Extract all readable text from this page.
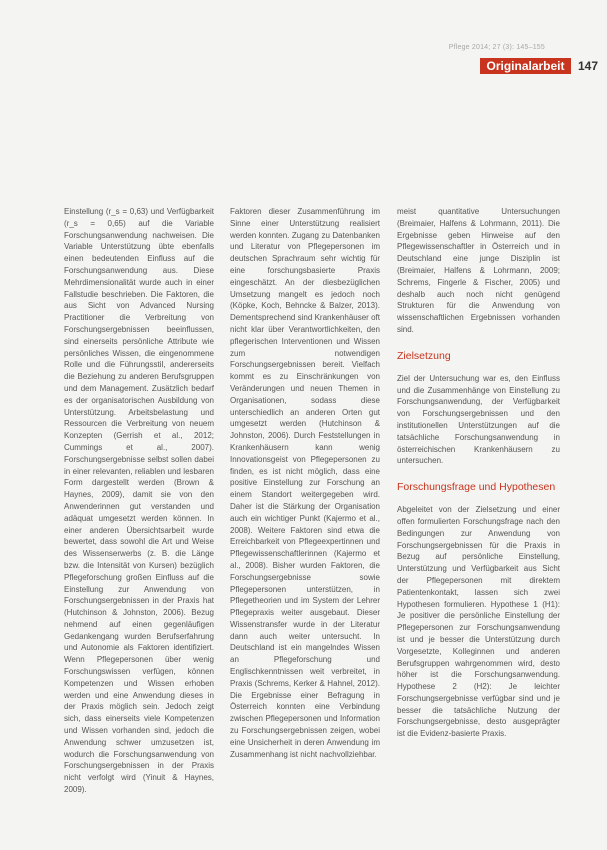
Pflege 2014; 27 (3): 145–155
Originalarbeit	147

Einstellung (r_s = 0,63) und Verfügbarkeit (r_s = 0,65) auf die Variable Forschungsanwendung nachweisen. Die Variable Unterstützung übte ebenfalls einen bedeutenden Einfluss auf die Forschungsanwendung aus. Diese Mehrdimensionalität wurde auch in einer Fallstudie beschrieben. Die Faktoren, die aus Sicht von Advanced Nursing Practitioner die Verbreitung von Forschungsergebnissen beeinflussen, sind einerseits persönliche Attribute wie persönliches Wissen, die eingenommene Rolle und die Führungsstil, andererseits die Beziehung zu anderen Berufsgruppen und dem Management. Zusätzlich bedarf es der organisatorischen Ausbildung von Unterstützung. Arbeitsbelastung und Ressourcen die Verbreitung von neuem Konzepten (Gerrish et al., 2012; Cummings et al., 2007). Forschungsergebnisse selbst sollen dabei in einer relevanten, reliablen und lesbaren Form dargestellt werden (Brown & Haynes, 2009), damit sie von den Anwenderinnen gut verstanden und adäquat umgesetzt werden können. In einer anderen Übersichtsarbeit wurde bewertet, dass sowohl die Art und Weise des Wissenserwerbs (z. B. die Länge bzw. die Intensität von Kursen) bezüglich Pflegeforschung großen Einfluss auf die Einstellung zur Anwendung von Forschungsergebnissen in der Praxis hat (Hutchinson & Johnston, 2006). Bezug nehmend auf einen gegenläufigen Gedankengang wurden Berufserfahrung und Autonomie als Faktoren identifiziert. Wenn Pflegepersonen über wenig Forschungswissen verfügen, können Kompetenzen und Wissen erhoben werden und eine Anwendung dieses in der Praxis möglich sein. Jedoch zeigt sich, dass einerseits viele Kompetenzen und Wissen vorhanden sind, jedoch die Anwendung schwer umzusetzen ist, wodurch die Forschungsanwendung von Forschungsergebnissen in der Praxis nicht verfolgt wird (Yinuit & Haynes, 2009).

Faktoren dieser Zusammenführung im Sinne einer Unterstützung realisiert werden konnten. Zugang zu Datenbanken und Literatur von Pflegepersonen im deutschen Sprachraum sehr wichtig für eine forschungsbasierte Praxis eingeschätzt. An der diesbezüglichen Umsetzung mangelt es jedoch noch (Köpke, Koch, Behncke & Balzer, 2013). Dementsprechend sind Krankenhäuser oft nicht klar über Verantwortlichkeiten, den pflegerischen Interventionen und Wissen zum notwendigen Forschungsergebnissen bereit. Vielfach kommt es zu Einschränkungen von Veränderungen und neuen Themen in Organisationen, sodass diese unterschiedlich an anderen Orten gut umgesetzt werden (Hutchinson & Johnston, 2006). Durch Feststellungen in Krankenhäusern kann wenig Innovationsgeist von Pflegepersonen zu finden, es ist nicht möglich, dass eine positive Einstellung zur Forschung an einem Standort weitergegeben wird. Daher ist die Stärkung der Organisation auch ein wichtiger Punkt (Kajermo et al., 2008). Weitere Faktoren sind etwa die Erreichbarkeit von Pflegeexpertinnen und Pflegewissenschaftlerinnen (Kajermo et al., 2008). Bisher wurden Faktoren, die Forschungsergebnisse sowie Pflegepersonen unterstützen, in Pflegetheorien und im System der Lehrer Pflegepraxis weiter ausgebaut. Dieser Wissenstransfer wurde in der Literatur dann auch weiter untersucht. In Deutschland ist ein mangelndes Wissen an Pflegeforschung und Englischkenntnissen weit verbreitet, in Praxis (Schrems, Kerker & Hahnel, 2012). Die Ergebnisse einer Befragung in Österreich konnten eine Verbindung zwischen Pflegepersonen und Information zu Forschungsergebnissen zeigen, wobei eine Unsicherheit in deren Anwendung im Zusammenhang ist nicht nachvollziehbar.

meist quantitative Untersuchungen (Breimaier, Halfens & Lohrmann, 2011). Die Ergebnisse geben Hinweise auf den Pflegewissenschaftler in Österreich und in Deutschland eine junge Disziplin ist (Breimaier, Halfens & Lohrmann, 2009; Schrems, Fingerle & Fischer, 2005) und deshalb auch noch nicht genügend Strukturen für die Anwendung von wissenschaftlichen Ergebnissen vorhanden sind.

Zielsetzung

Ziel der Untersuchung war es, den Einfluss und die Zusammenhänge von Einstellung zu Forschungsanwendung, der Verfügbarkeit von Forschungsergebnissen und den institutionellen Unterstützungen auf die tatsächliche Forschungsanwendung in österreichischen Krankenhäusern zu untersuchen.

Forschungsfrage und Hypothesen

Abgeleitet von der Zielsetzung und einer offen formulierten Forschungsfrage nach den Bedingungen zur Anwendung von Forschungsergebnissen für die Praxis in Bezug auf persönliche Einstellung, Unterstützung und Verfügbarkeit aus Sicht der Pflegepersonen mit direktem Patientenkontakt, lassen sich zwei Hypothesen formulieren. Hypothese 1 (H1): Je positiver die persönliche Einstellung der Pflegepersonen zur Forschungsanwendung ist und je besser die Unterstützung durch Vorgesetzte, Kolleginnen und anderen Berufsgruppen wahrgenommen wird, desto höher ist die Forschungsanwendung. Hypothese 2 (H2): Je leichter Forschungsergebnisse verfügbar sind und je besser die tatsächliche Nutzung der Forschungsergebnisse, desto ausgeprägter ist die Evidenz-basierte Praxis.
